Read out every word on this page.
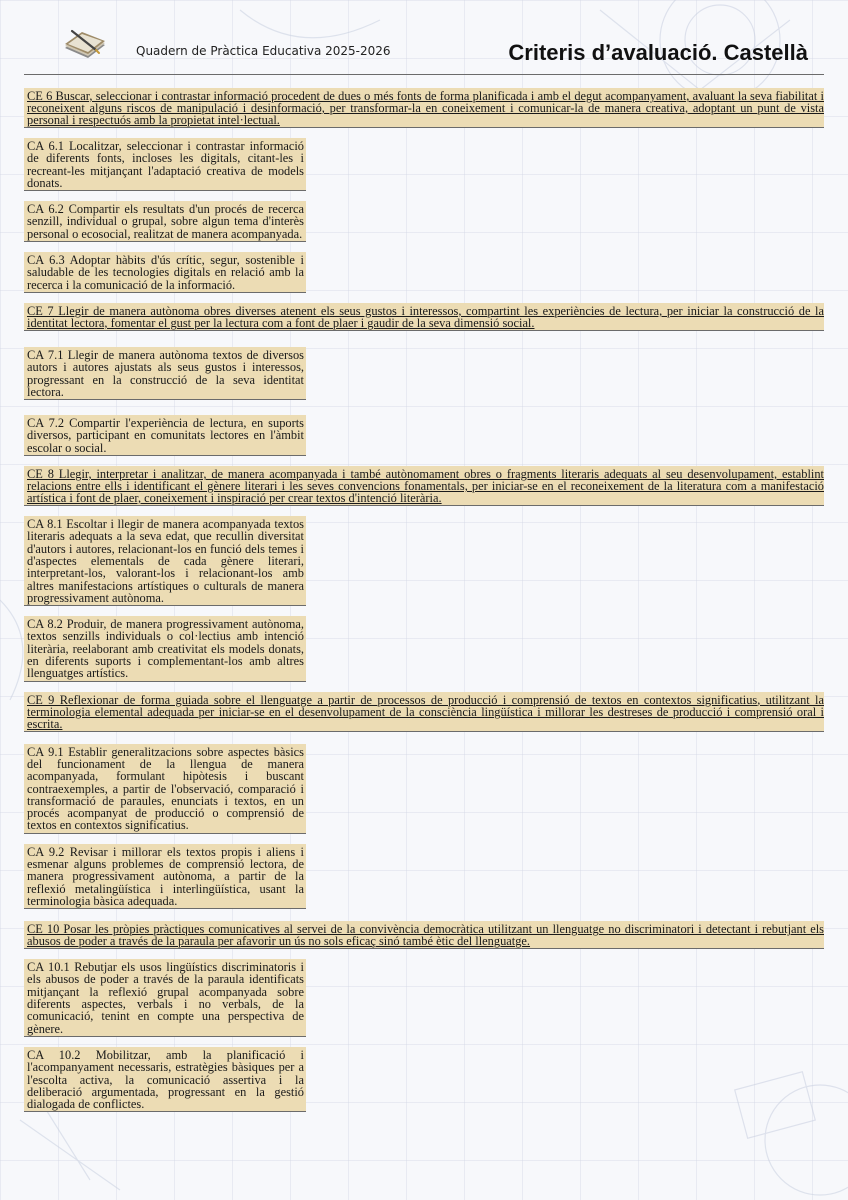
Quadern de Pràctica Educativa 2025-2026	Criteris d’avaluació. Castellà
CE 6 Buscar, seleccionar i contrastar informació procedent de dues o més fonts de forma planificada i amb el degut acompanyament, avaluant la seva fiabilitat i reconeixent alguns riscos de manipulació i desinformació, per transformar-la en coneixement i comunicar-la de manera creativa, adoptant un punt de vista personal i respectuós amb la propietat intel·lectual.
CA 6.1 Localitzar, seleccionar i contrastar informació de diferents fonts, incloses les digitals, citant-les i recreant-les mitjançant l'adaptació creativa de models donats.
CA 6.2 Compartir els resultats d'un procés de recerca senzill, individual o grupal, sobre algun tema d'interès personal o ecosocial, realitzat de manera acompanyada.
CA 6.3 Adoptar hàbits d'ús crític, segur, sostenible i saludable de les tecnologies digitals en relació amb la recerca i la comunicació de la informació.
CE 7 Llegir de manera autònoma obres diverses atenent els seus gustos i interessos, compartint les experiències de lectura, per iniciar la construcció de la identitat lectora, fomentar el gust per la lectura com a font de plaer i gaudir de la seva dimensió social.
CA 7.1 Llegir de manera autònoma textos de diversos autors i autores ajustats als seus gustos i interessos, progressant en la construcció de la seva identitat lectora.
CA 7.2 Compartir l'experiència de lectura, en suports diversos, participant en comunitats lectores en l'àmbit escolar o social.
CE 8 Llegir, interpretar i analitzar, de manera acompanyada i també autònomament obres o fragments literaris adequats al seu desenvolupament, establint relacions entre ells i identificant el gènere literari i les seves convencions fonamentals, per iniciar-se en el reconeixement de la literatura com a manifestació artística i font de plaer, coneixement i inspiració per crear textos d'intenció literària.
CA 8.1 Escoltar i llegir de manera acompanyada textos literaris adequats a la seva edat, que recullin diversitat d'autors i autores, relacionant-los en funció dels temes i d'aspectes elementals de cada gènere literari, interpretant-los, valorant-los i relacionant-los amb altres manifestacions artístiques o culturals de manera progressivament autònoma.
CA 8.2 Produir, de manera progressivament autònoma, textos senzills individuals o col·lectius amb intenció literària, reelaborant amb creativitat els models donats, en diferents suports i complementant-los amb altres llenguatges artístics.
CE 9 Reflexionar de forma guiada sobre el llenguatge a partir de processos de producció i comprensió de textos en contextos significatius, utilitzant la terminologia elemental adequada per iniciar-se en el desenvolupament de la consciència lingüística i millorar les destreses de producció i comprensió oral i escrita.
CA 9.1 Establir generalitzacions sobre aspectes bàsics del funcionament de la llengua de manera acompanyada, formulant hipòtesis i buscant contraexemples, a partir de l'observació, comparació i transformació de paraules, enunciats i textos, en un procés acompanyat de producció o comprensió de textos en contextos significatius.
CA 9.2 Revisar i millorar els textos propis i aliens i esmenar alguns problemes de comprensió lectora, de manera progressivament autònoma, a partir de la reflexió metalingüística i interlingüística, usant la terminologia bàsica adequada.
CE 10 Posar les pròpies pràctiques comunicatives al servei de la convivència democràtica utilitzant un llenguatge no discriminatori i detectant i rebutjant els abusos de poder a través de la paraula per afavorir un ús no sols eficaç sinó també ètic del llenguatge.
CA 10.1 Rebutjar els usos lingüístics discriminatoris i els abusos de poder a través de la paraula identificats mitjançant la reflexió grupal acompanyada sobre diferents aspectes, verbals i no verbals, de la comunicació, tenint en compte una perspectiva de gènere.
CA 10.2 Mobilitzar, amb la planificació i l'acompanyament necessaris, estratègies bàsiques per a l'escolta activa, la comunicació assertiva i la deliberació argumentada, progressant en la gestió dialogada de conflictes.
